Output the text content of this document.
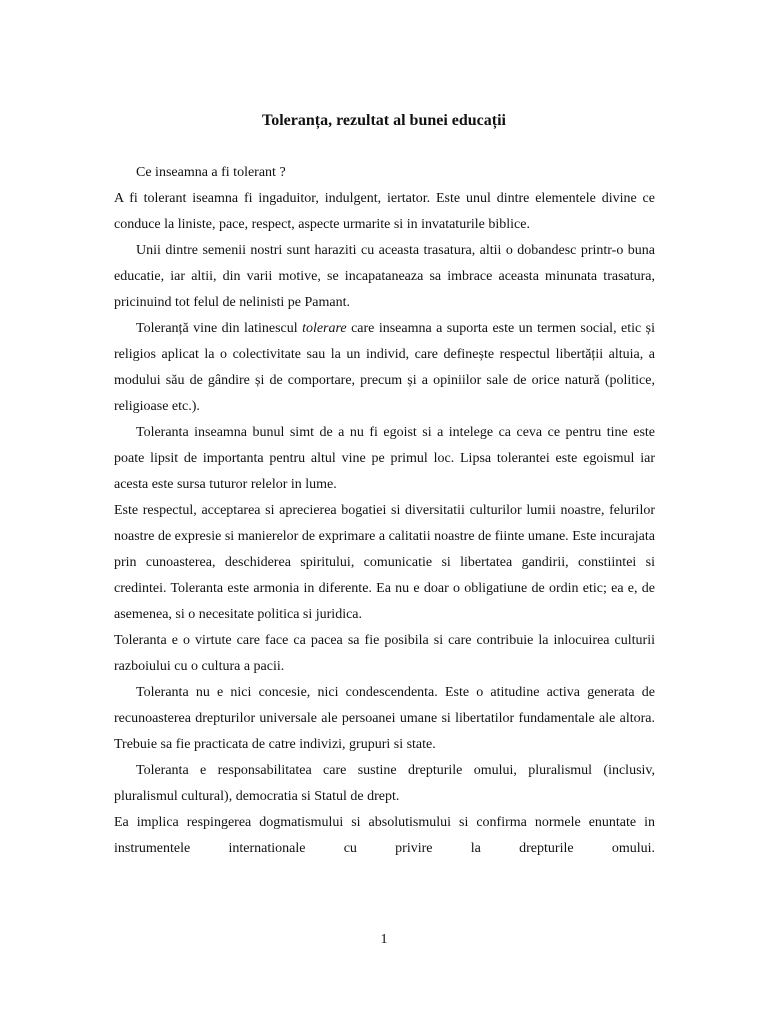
Toleranța, rezultat al bunei educații

Ce inseamna a fi tolerant ?

A fi tolerant iseamna fi ingaduitor, indulgent, iertator. Este unul dintre elementele divine ce conduce la liniste, pace, respect, aspecte urmarite si in invataturile biblice.

Unii dintre semenii nostri sunt haraziti cu aceasta trasatura, altii o dobandesc printr-o buna educatie, iar altii, din varii motive, se incapataneaza sa imbrace aceasta minunata trasatura, pricinuind tot felul de nelinisti pe Pamant.

Toleranță vine din latinescul tolerare care inseamna a suporta este un termen social, etic și religios aplicat la o colectivitate sau la un individ, care definește respectul libertății altuia, a modului său de gândire și de comportare, precum și a opiniilor sale de orice natură (politice, religioase etc.).

Toleranta inseamna bunul simt de a nu fi egoist si a intelege ca ceva ce pentru tine este poate lipsit de importanta pentru altul vine pe primul loc. Lipsa tolerantei este egoismul iar acesta este sursa tuturor relelor in lume.

Este respectul, acceptarea si aprecierea bogatiei si diversitatii culturilor lumii noastre, felurilor noastre de expresie si manierelor de exprimare a calitatii noastre de fiinte umane. Este incurajata prin cunoasterea, deschiderea spiritului, comunicatie si libertatea gandirii, constiintei si credintei. Toleranta este armonia in diferente. Ea nu e doar o obligatiune de ordin etic; ea e, de asemenea, si o necesitate politica si juridica.

Toleranta e o virtute care face ca pacea sa fie posibila si care contribuie la inlocuirea culturii razboiului cu o cultura a pacii.

Toleranta nu e nici concesie, nici condescendenta. Este o atitudine activa generata de recunoasterea drepturilor universale ale persoanei umane si libertatilor fundamentale ale altora. Trebuie sa fie practicata de catre indivizi, grupuri si state.

Toleranta e responsabilitatea care sustine drepturile omului, pluralismul (inclusiv, pluralismul cultural), democratia si Statul de drept.

Ea implica respingerea dogmatismului si absolutismului si confirma normele enuntate in instrumentele internationale cu privire la drepturile omului.

1
